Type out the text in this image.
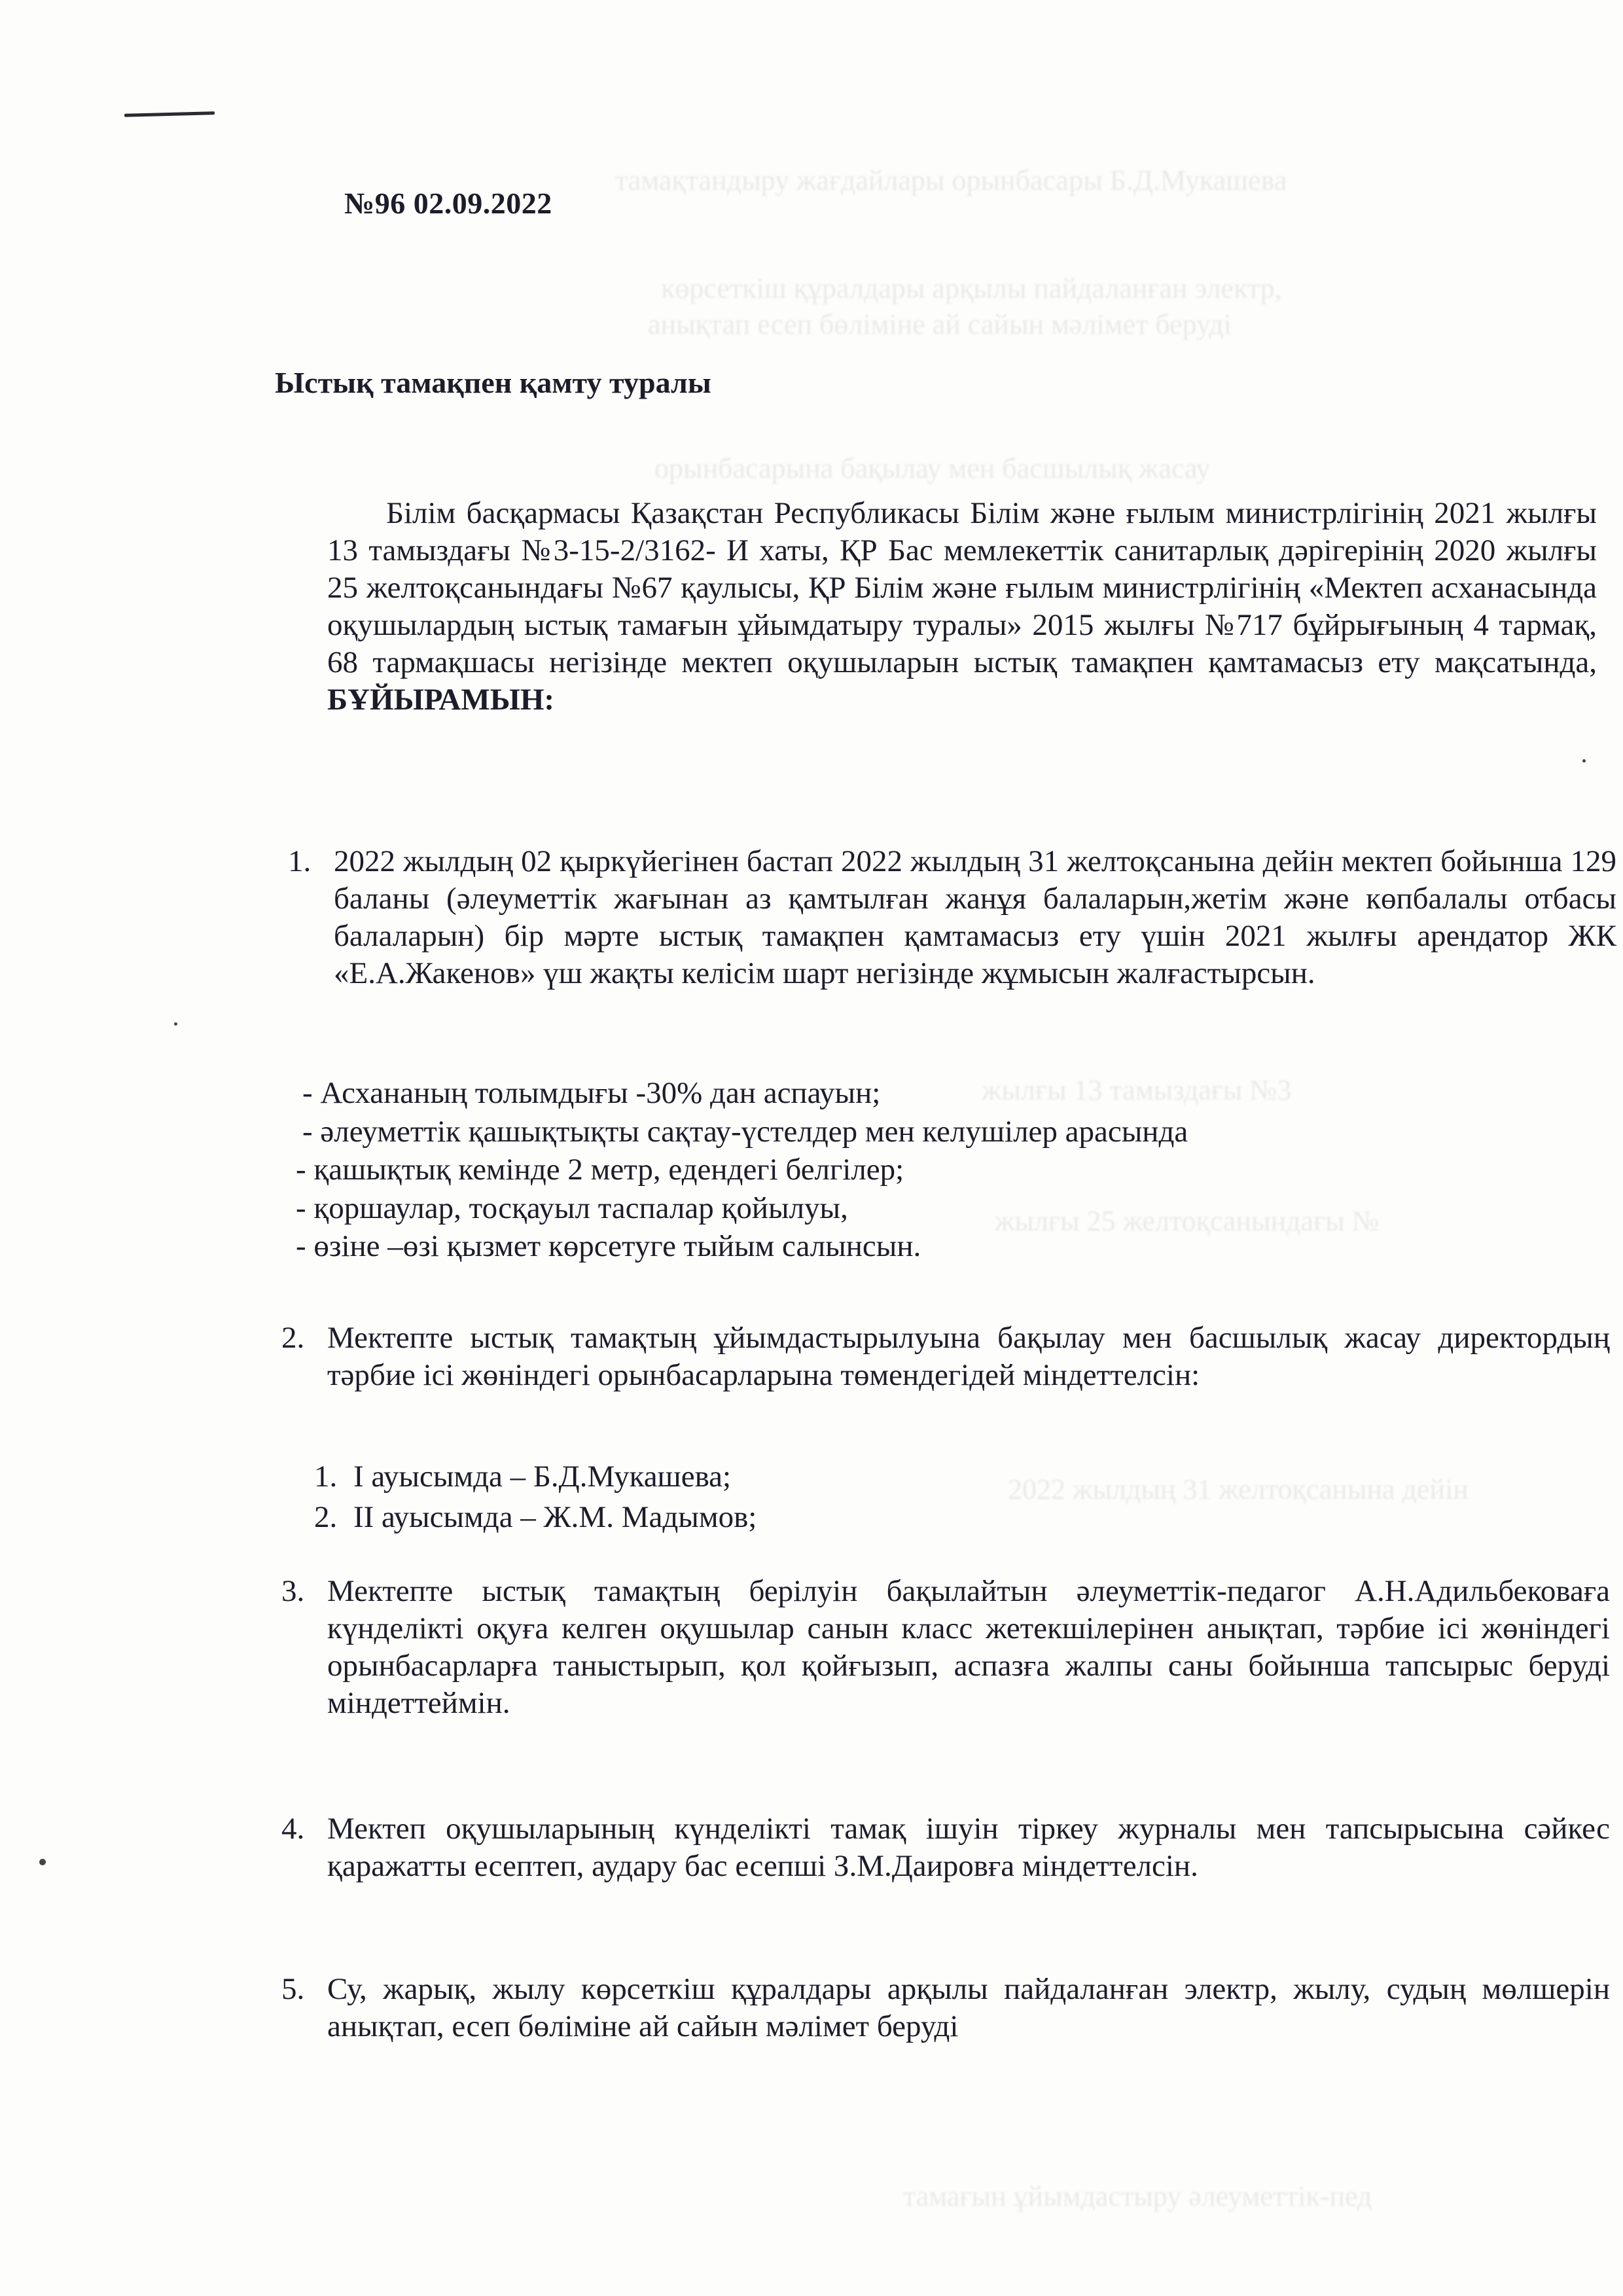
тамақтандыру жағдайлары орынбасары Б.Д.Мукашева
көрсеткіш құралдары арқылы пайдаланған электр,
анықтап есеп бөліміне ай сайын мәлімет беруді
орынбасарына бақылау мен басшылық жасау
жылғы 13 тамыздағы №3
жылғы 25 желтоқсанындағы №
2022 жылдың 31 желтоқсанына дейін
тамағын ұйымдастыру әлеуметтік-пед
№96 02.09.2022
Ыстық тамақпен қамту туралы
Білім басқармасы Қазақстан Республикасы Білім және ғылым министрлігінің 2021 жылғы 13 тамыздағы №3-15-2/3162- И хаты, ҚР Бас мемлекеттік санитарлық дәрігерінің 2020 жылғы 25 желтоқсанындағы №67 қаулысы, ҚР Білім және ғылым министрлігінің «Мектеп асханасында оқушылардың ыстық тамағын ұйымдатыру туралы» 2015 жылғы №717 бұйрығының 4 тармақ, 68 тармақшасы негізінде мектеп оқушыларын ыстық тамақпен қамтамасыз ету мақсатында, БҰЙЫРАМЫН:
1. 2022 жылдың 02 қыркүйегінен бастап 2022 жылдың 31 желтоқсанына дейін мектеп бойынша 129 баланы (әлеуметтік жағынан аз қамтылған жанұя балаларын,жетім және көпбалалы отбасы балаларын) бір мәрте ыстық тамақпен қамтамасыз ету үшін 2021 жылғы арендатор ЖК «Е.А.Жакенов» үш жақты келісім шарт негізінде жұмысын жалғастырсын.
- Асхананың толымдығы -30% дан аспауын;
- әлеуметтік қашықтықты сақтау-үстелдер мен келушілер арасында
- қашықтық кемінде 2 метр, едендегі белгілер;
- қоршаулар, тосқауыл таспалар қойылуы,
- өзіне –өзі қызмет көрсетуге тыйым салынсын.
2. Мектепте ыстық тамақтың ұйымдастырылуына бақылау мен басшылық жасау директордың тәрбие ісі жөніндегі орынбасарларына төмендегідей міндеттелсін:
1. І ауысымда – Б.Д.Мукашева;
2. ІІ ауысымда – Ж.М. Мадымов;
3. Мектепте ыстық тамақтың берілуін бақылайтын әлеуметтік-педагог А.Н.Адильбековаға күнделікті оқуға келген оқушылар санын класс жетекшілерінен анықтап, тәрбие ісі жөніндегі орынбасарларға таныстырып, қол қойғызып, аспазға жалпы саны бойынша тапсырыс беруді міндеттеймін.
4. Мектеп оқушыларының күнделікті тамақ ішуін тіркеу журналы мен тапсырысына сәйкес қаражатты есептеп, аудару бас есепші З.М.Даировға міндеттелсін.
5. Су, жарық, жылу көрсеткіш құралдары арқылы пайдаланған электр, жылу, судың мөлшерін анықтап, есеп бөліміне ай сайын мәлімет беруді
